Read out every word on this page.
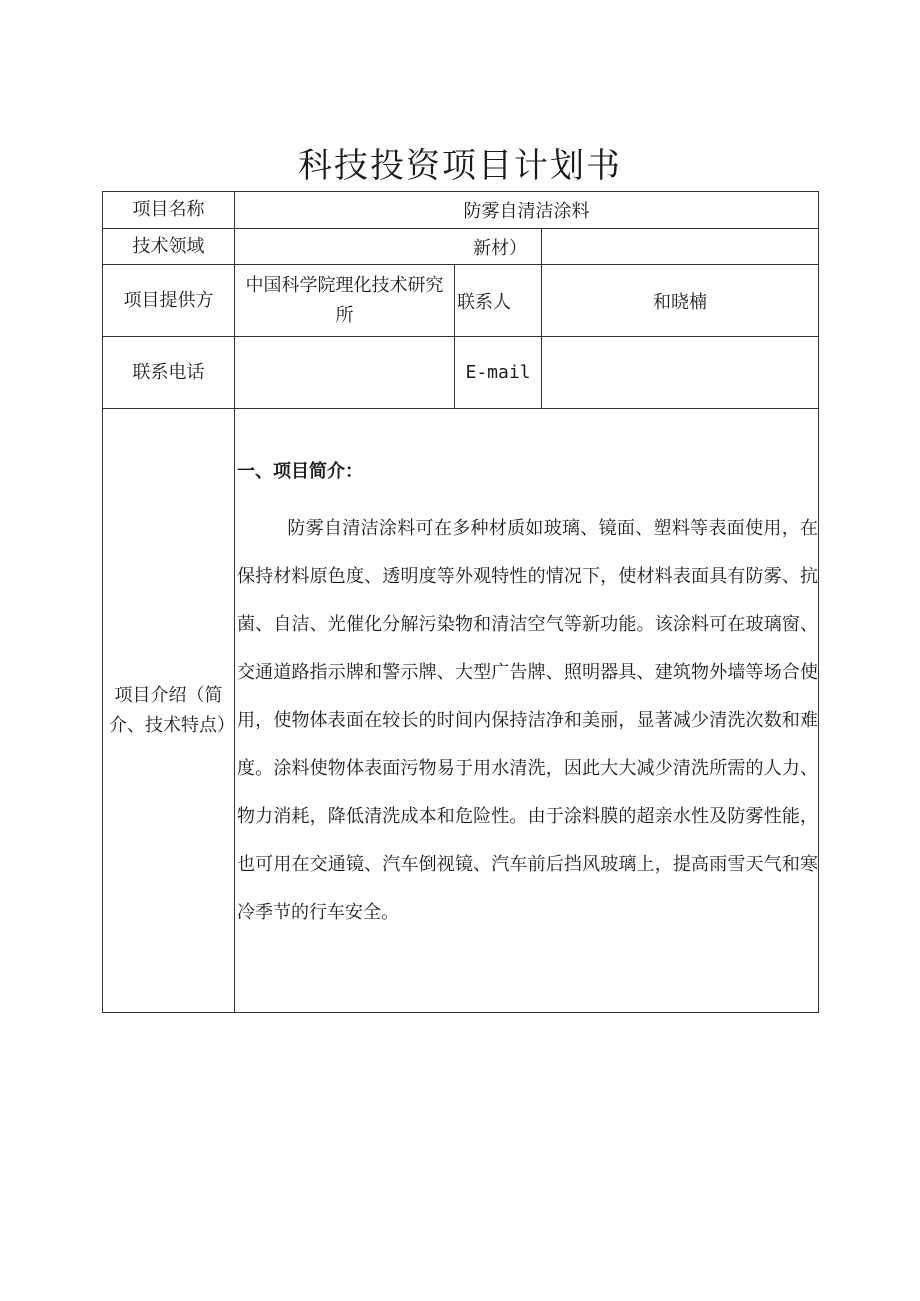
科技投资项目计划书
项目名称	防雾自清洁涂料		
技术领域	新材）		
项目提供方	中国科学院理化技术研究所	联系人	和晓楠
联系电话		E-mail	
项目介绍（简介、技术特点）	一、项目简介：

防雾自清洁涂料可在多种材质如玻璃、镜面、塑料等表面使用，在保持材料原色度、透明度等外观特性的情况下，使材料表面具有防雾、抗菌、自洁、光催化分解污染物和清洁空气等新功能。该涂料可在玻璃窗、交通道路指示牌和警示牌、大型广告牌、照明器具、建筑物外墙等场合使用，使物体表面在较长的时间内保持洁净和美丽，显著减少清洗次数和难度。涂料使物体表面污物易于用水清洗，因此大大减少清洗所需的人力、物力消耗，降低清洗成本和危险性。由于涂料膜的超亲水性及防雾性能，也可用在交通镜、汽车倒视镜、汽车前后挡风玻璃上，提高雨雪天气和寒冷季节的行车安全。		
